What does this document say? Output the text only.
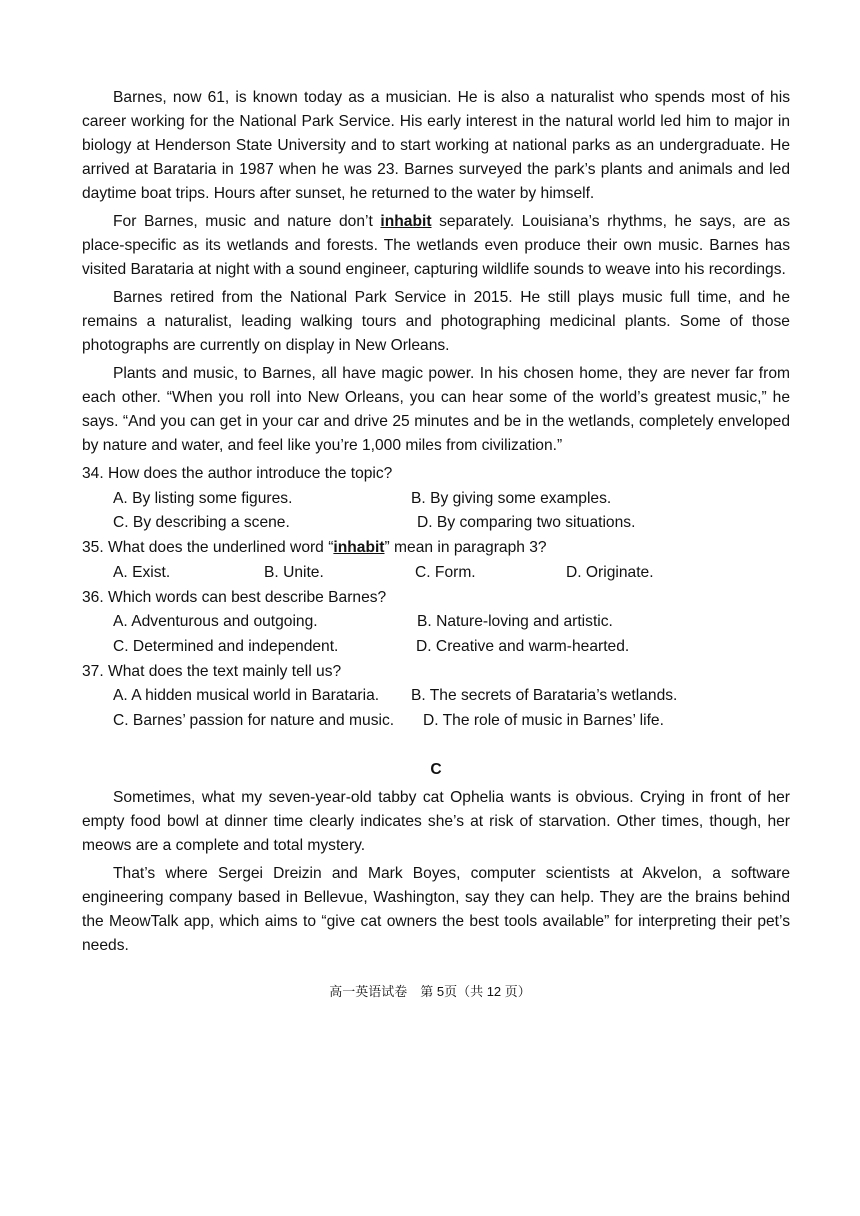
Barnes, now 61, is known today as a musician. He is also a naturalist who spends most of his career working for the National Park Service. His early interest in the natural world led him to major in biology at Henderson State University and to start working at national parks as an undergraduate. He arrived at Barataria in 1987 when he was 23. Barnes surveyed the park’s plants and animals and led daytime boat trips. Hours after sunset, he returned to the water by himself.

For Barnes, music and nature don’t inhabit separately. Louisiana’s rhythms, he says, are as place-specific as its wetlands and forests. The wetlands even produce their own music. Barnes has visited Barataria at night with a sound engineer, capturing wildlife sounds to weave into his recordings.

Barnes retired from the National Park Service in 2015. He still plays music full time, and he remains a naturalist, leading walking tours and photographing medicinal plants. Some of those photographs are currently on display in New Orleans.

Plants and music, to Barnes, all have magic power. In his chosen home, they are never far from each other. “When you roll into New Orleans, you can hear some of the world’s greatest music,” he says. “And you can get in your car and drive 25 minutes and be in the wetlands, completely enveloped by nature and water, and feel like you’re 1,000 miles from civilization.”

34. How does the author introduce the topic?

A. By listing some figures.	B. By giving some examples.
C. By describing a scene.	D. By comparing two situations.

35. What does the underlined word “inhabit” mean in paragraph 3?

A. Exist.	B. Unite.	C. Form.	D. Originate.

36. Which words can best describe Barnes?

A. Adventurous and outgoing.	B. Nature-loving and artistic.
C. Determined and independent.	D. Creative and warm-hearted.

37. What does the text mainly tell us?

A. A hidden musical world in Barataria.	B. The secrets of Barataria’s wetlands.
C. Barnes’ passion for nature and music.	D. The role of music in Barnes’ life.
C

Sometimes, what my seven-year-old tabby cat Ophelia wants is obvious. Crying in front of her empty food bowl at dinner time clearly indicates she’s at risk of starvation. Other times, though, her meows are a complete and total mystery.

That’s where Sergei Dreizin and Mark Boyes, computer scientists at Akvelon, a software engineering company based in Bellevue, Washington, say they can help. They are the brains behind the MeowTalk app, which aims to “give cat owners the best tools available” for interpreting their pet’s needs.

高一英语试卷　第 5页（共 12 页）
